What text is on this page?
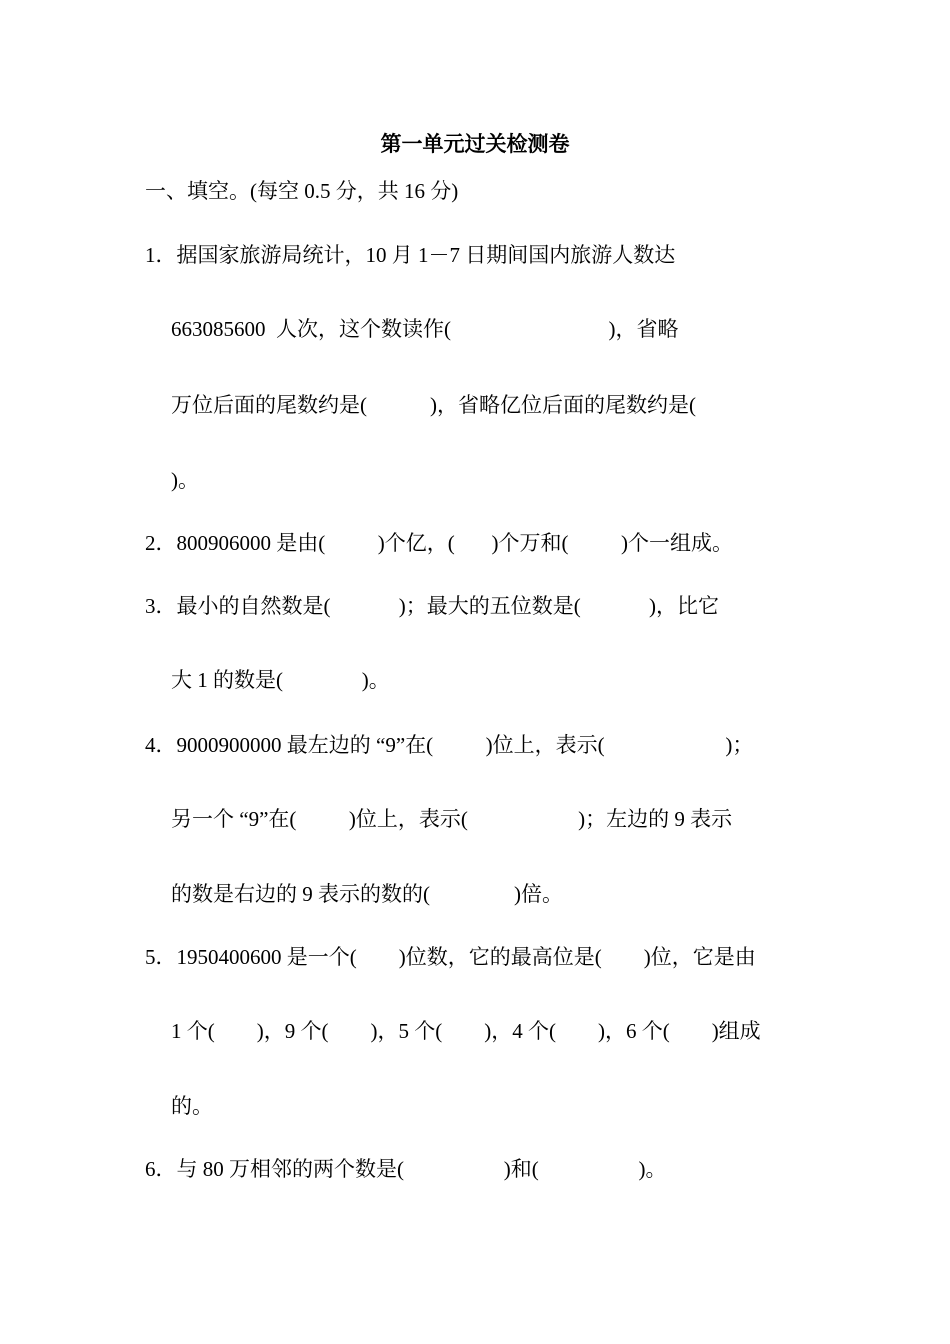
第一单元过关检测卷
一、填空。(每空 0.5 分，共 16 分)
1．据国家旅游局统计，10 月 1－7 日期间国内旅游人数达
663085600  人次，这个数读作(                              )，省略
万位后面的尾数约是(            )，省略亿位后面的尾数约是(
)。
2．800906000 是由(          )个亿，(       )个万和(          )个一组成。
3．最小的自然数是(             )；最大的五位数是(             )，比它
大 1 的数是(               )。
4．9000900000 最左边的 “9”在(          )位上，表示(                       )；
另一个 “9”在(          )位上，表示(                     )；左边的 9 表示
的数是右边的 9 表示的数的(                )倍。
5．1950400600 是一个(        )位数，它的最高位是(        )位，它是由
1 个(        )，9 个(        )，5 个(        )，4 个(        )，6 个(        )组成
的。
6．与 80 万相邻的两个数是(                   )和(                   )。
